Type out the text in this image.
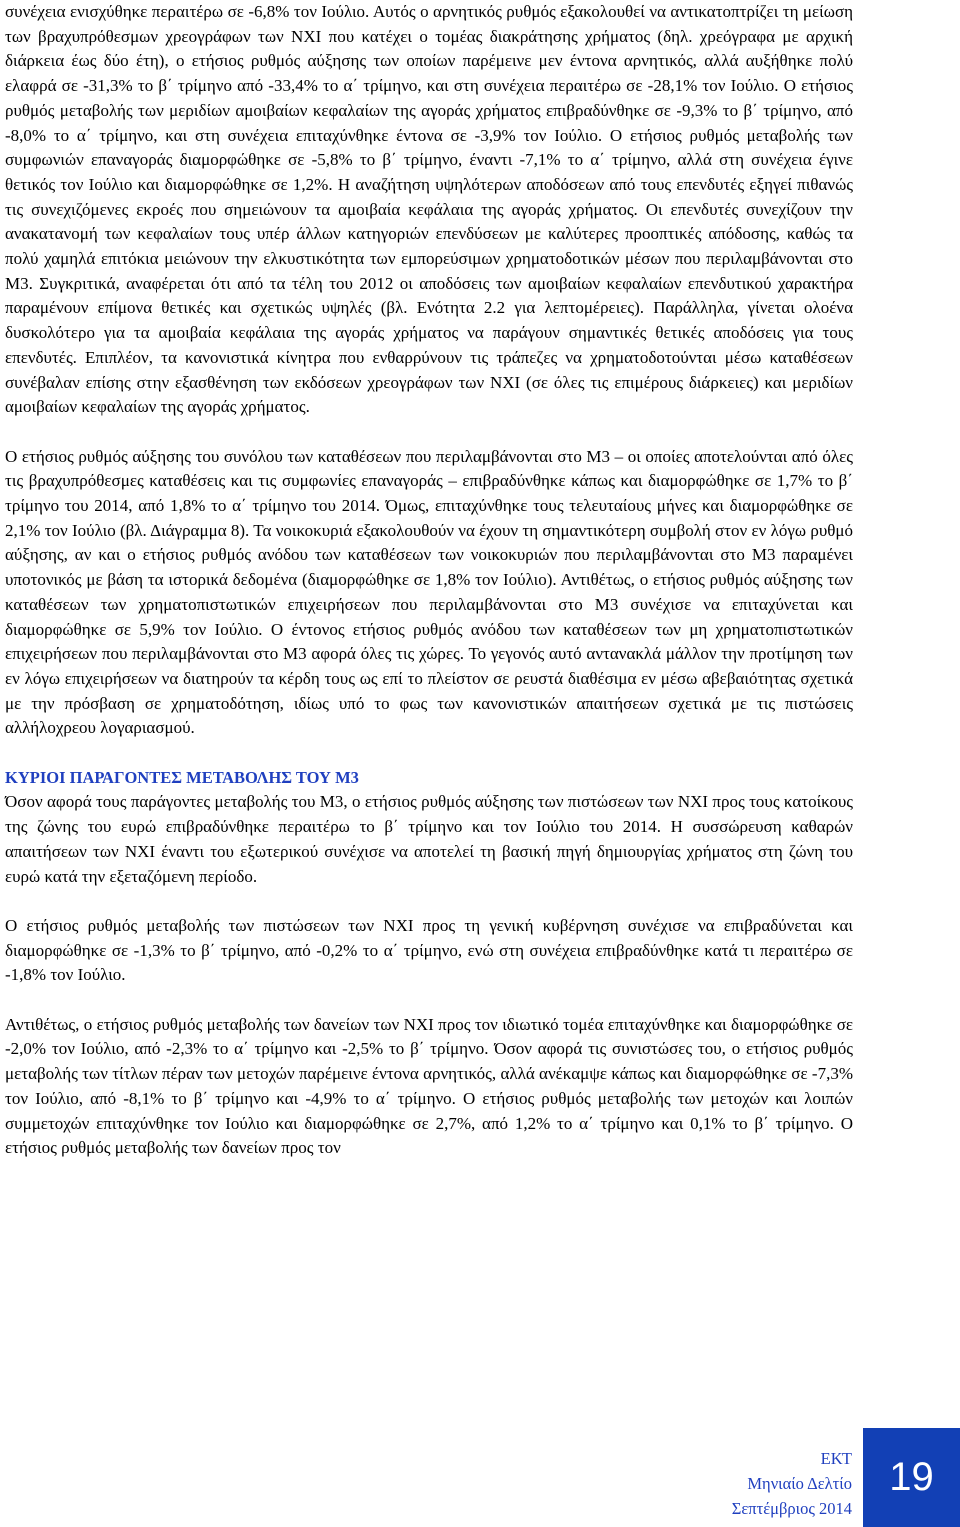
συνέχεια ενισχύθηκε περαιτέρω σε -6,8% τον Ιούλιο. Αυτός ο αρνητικός ρυθμός εξακολουθεί να αντικατοπτρίζει τη μείωση των βραχυπρόθεσμων χρεογράφων των ΝΧΙ που κατέχει ο τομέας διακράτησης χρήματος (δηλ. χρεόγραφα με αρχική διάρκεια έως δύο έτη), ο ετήσιος ρυθμός αύξησης των οποίων παρέμεινε μεν έντονα αρνητικός, αλλά αυξήθηκε πολύ ελαφρά σε -31,3% το β΄ τρίμηνο από -33,4% το α΄ τρίμηνο, και στη συνέχεια περαιτέρω σε -28,1% τον Ιούλιο. Ο ετήσιος ρυθμός μεταβολής των μεριδίων αμοιβαίων κεφαλαίων της αγοράς χρήματος επιβραδύνθηκε σε -9,3% το β΄ τρίμηνο, από -8,0% το α΄ τρίμηνο, και στη συνέχεια επιταχύνθηκε έντονα σε -3,9% τον Ιούλιο. Ο ετήσιος ρυθμός μεταβολής των συμφωνιών επαναγοράς διαμορφώθηκε σε -5,8% το β΄ τρίμηνο, έναντι -7,1% το α΄ τρίμηνο, αλλά στη συνέχεια έγινε θετικός τον Ιούλιο και διαμορφώθηκε σε 1,2%. Η αναζήτηση υψηλότερων αποδόσεων από τους επενδυτές εξηγεί πιθανώς τις συνεχιζόμενες εκροές που σημειώνουν τα αμοιβαία κεφάλαια της αγοράς χρήματος. Οι επενδυτές συνεχίζουν την ανακατανομή των κεφαλαίων τους υπέρ άλλων κατηγοριών επενδύσεων με καλύτερες προοπτικές απόδοσης, καθώς τα πολύ χαμηλά επιτόκια μειώνουν την ελκυστικότητα των εμπορεύσιμων χρηματοδοτικών μέσων που περιλαμβάνονται στο Μ3. Συγκριτικά, αναφέρεται ότι από τα τέλη του 2012 οι αποδόσεις των αμοιβαίων κεφαλαίων επενδυτικού χαρακτήρα παραμένουν επίμονα θετικές και σχετικώς υψηλές (βλ. Ενότητα 2.2 για λεπτομέρειες). Παράλληλα, γίνεται ολοένα δυσκολότερο για τα αμοιβαία κεφάλαια της αγοράς χρήματος να παράγουν σημαντικές θετικές αποδόσεις για τους επενδυτές. Επιπλέον, τα κανονιστικά κίνητρα που ενθαρρύνουν τις τράπεζες να χρηματοδοτούνται μέσω καταθέσεων συνέβαλαν επίσης στην εξασθένηση των εκδόσεων χρεογράφων των ΝΧΙ (σε όλες τις επιμέρους διάρκειες) και μεριδίων αμοιβαίων κεφαλαίων της αγοράς χρήματος.

Ο ετήσιος ρυθμός αύξησης του συνόλου των καταθέσεων που περιλαμβάνονται στο Μ3 – οι οποίες αποτελούνται από όλες τις βραχυπρόθεσμες καταθέσεις και τις συμφωνίες επαναγοράς – επιβραδύνθηκε κάπως και διαμορφώθηκε σε 1,7% το β΄ τρίμηνο του 2014, από 1,8% το α΄ τρίμηνο του 2014. Όμως, επιταχύνθηκε τους τελευταίους μήνες και διαμορφώθηκε σε 2,1% τον Ιούλιο (βλ. Διάγραμμα 8). Τα νοικοκυριά εξακολουθούν να έχουν τη σημαντικότερη συμβολή στον εν λόγω ρυθμό αύξησης, αν και ο ετήσιος ρυθμός ανόδου των καταθέσεων των νοικοκυριών που περιλαμβάνονται στο Μ3 παραμένει υποτονικός με βάση τα ιστορικά δεδομένα (διαμορφώθηκε σε 1,8% τον Ιούλιο). Αντιθέτως, ο ετήσιος ρυθμός αύξησης των καταθέσεων των χρηματοπιστωτικών επιχειρήσεων που περιλαμβάνονται στο Μ3 συνέχισε να επιταχύνεται και διαμορφώθηκε σε 5,9% τον Ιούλιο. Ο έντονος ετήσιος ρυθμός ανόδου των καταθέσεων των μη χρηματοπιστωτικών επιχειρήσεων που περιλαμβάνονται στο Μ3 αφορά όλες τις χώρες. Το γεγονός αυτό αντανακλά μάλλον την προτίμηση των εν λόγω επιχειρήσεων να διατηρούν τα κέρδη τους ως επί το πλείστον σε ρευστά διαθέσιμα εν μέσω αβεβαιότητας σχετικά με την πρόσβαση σε χρηματοδότηση, ιδίως υπό το φως των κανονιστικών απαιτήσεων σχετικά με τις πιστώσεις αλλήλοχρεου λογαριασμού.

ΚΥΡΙΟΙ ΠΑΡΑΓΟΝΤΕΣ ΜΕΤΑΒΟΛΗΣ ΤΟΥ Μ3

Όσον αφορά τους παράγοντες μεταβολής του Μ3, ο ετήσιος ρυθμός αύξησης των πιστώσεων των ΝΧΙ προς τους κατοίκους της ζώνης του ευρώ επιβραδύνθηκε περαιτέρω το β΄ τρίμηνο και τον Ιούλιο του 2014. Η συσσώρευση καθαρών απαιτήσεων των ΝΧΙ έναντι του εξωτερικού συνέχισε να αποτελεί τη βασική πηγή δημιουργίας χρήματος στη ζώνη του ευρώ κατά την εξεταζόμενη περίοδο.

Ο ετήσιος ρυθμός μεταβολής των πιστώσεων των ΝΧΙ προς τη γενική κυβέρνηση συνέχισε να επιβραδύνεται και διαμορφώθηκε σε -1,3% το β΄ τρίμηνο, από -0,2% το α΄ τρίμηνο, ενώ στη συνέχεια επιβραδύνθηκε κατά τι περαιτέρω σε -1,8% τον Ιούλιο.

Αντιθέτως, ο ετήσιος ρυθμός μεταβολής των δανείων των ΝΧΙ προς τον ιδιωτικό τομέα επιταχύνθηκε και διαμορφώθηκε σε -2,0% τον Ιούλιο, από -2,3% το α΄ τρίμηνο και -2,5% το β΄ τρίμηνο. Όσον αφορά τις συνιστώσες του, ο ετήσιος ρυθμός μεταβολής των τίτλων πέραν των μετοχών παρέμεινε έντονα αρνητικός, αλλά ανέκαμψε κάπως και διαμορφώθηκε σε -7,3% τον Ιούλιο, από -8,1% το β΄ τρίμηνο και -4,9% το α΄ τρίμηνο. Ο ετήσιος ρυθμός μεταβολής των μετοχών και λοιπών συμμετοχών επιταχύνθηκε τον Ιούλιο και διαμορφώθηκε σε 2,7%, από 1,2% το α΄ τρίμηνο και 0,1% το β΄ τρίμηνο. Ο ετήσιος ρυθμός μεταβολής των δανείων προς τον

ΕΚΤ
Μηνιαίο Δελτίο
Σεπτέμβριος 2014
19
